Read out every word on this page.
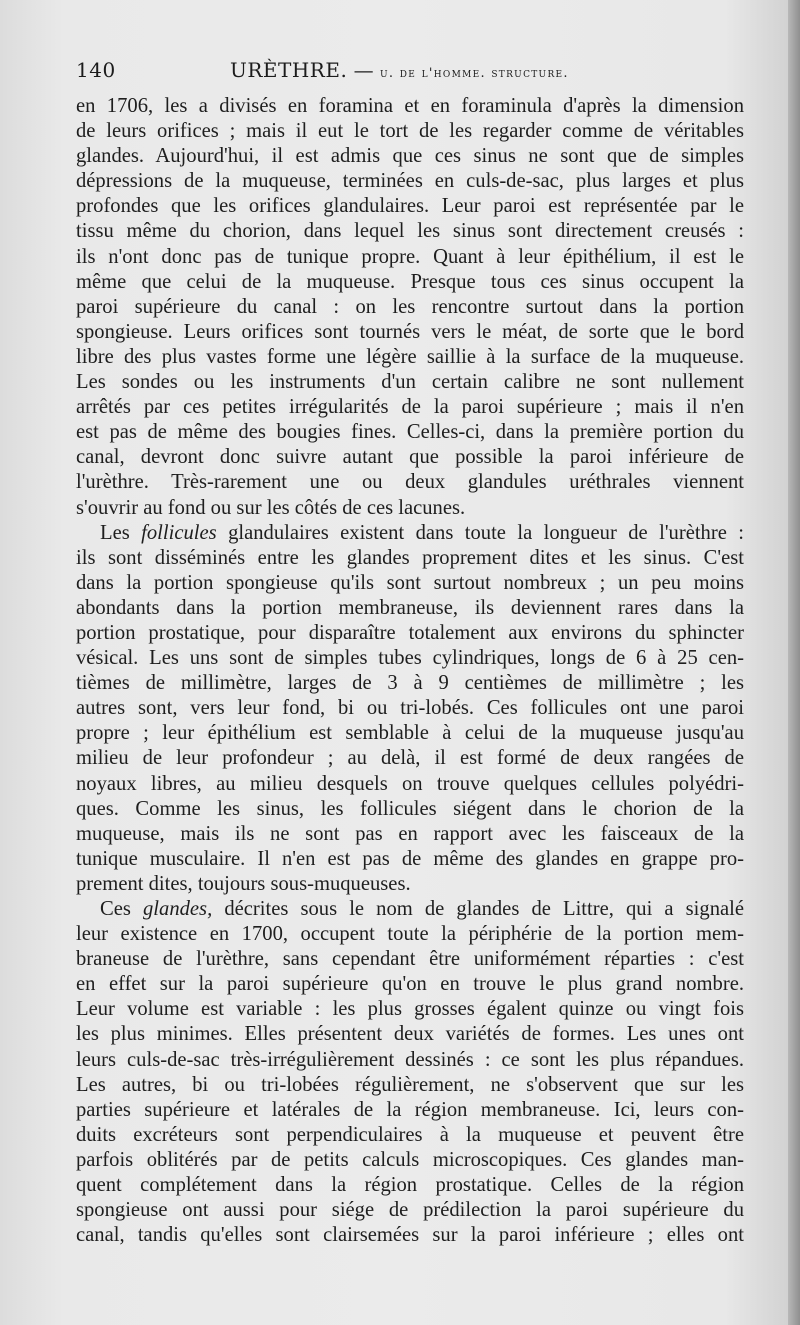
140	URÈTHRE. — u. de l'homme. structure.

en 1706, les a divisés en foramina et en foraminula d'après la dimension
de leurs orifices ; mais il eut le tort de les regarder comme de véritables
glandes. Aujourd'hui, il est admis que ces sinus ne sont que de simples
dépressions de la muqueuse, terminées en culs-de-sac, plus larges et plus
profondes que les orifices glandulaires. Leur paroi est représentée par le
tissu même du chorion, dans lequel les sinus sont directement creusés :
ils n'ont donc pas de tunique propre. Quant à leur épithélium, il est le
même que celui de la muqueuse. Presque tous ces sinus occupent la
paroi supérieure du canal : on les rencontre surtout dans la portion
spongieuse. Leurs orifices sont tournés vers le méat, de sorte que le bord
libre des plus vastes forme une légère saillie à la surface de la muqueuse.
Les sondes ou les instruments d'un certain calibre ne sont nullement
arrêtés par ces petites irrégularités de la paroi supérieure ; mais il n'en
est pas de même des bougies fines. Celles-ci, dans la première portion du
canal, devront donc suivre autant que possible la paroi inférieure de
l'urèthre. Très-rarement une ou deux glandules uréthrales viennent
s'ouvrir au fond ou sur les côtés de ces lacunes.

Les follicules glandulaires existent dans toute la longueur de l'urèthre :
ils sont disséminés entre les glandes proprement dites et les sinus. C'est
dans la portion spongieuse qu'ils sont surtout nombreux ; un peu moins
abondants dans la portion membraneuse, ils deviennent rares dans la
portion prostatique, pour disparaître totalement aux environs du sphincter
vésical. Les uns sont de simples tubes cylindriques, longs de 6 à 25 cen-
tièmes de millimètre, larges de 3 à 9 centièmes de millimètre ; les
autres sont, vers leur fond, bi ou tri-lobés. Ces follicules ont une paroi
propre ; leur épithélium est semblable à celui de la muqueuse jusqu'au
milieu de leur profondeur ; au delà, il est formé de deux rangées de
noyaux libres, au milieu desquels on trouve quelques cellules polyédri-
ques. Comme les sinus, les follicules siégent dans le chorion de la
muqueuse, mais ils ne sont pas en rapport avec les faisceaux de la
tunique musculaire. Il n'en est pas de même des glandes en grappe pro-
prement dites, toujours sous-muqueuses.

Ces glandes, décrites sous le nom de glandes de Littre, qui a signalé
leur existence en 1700, occupent toute la périphérie de la portion mem-
braneuse de l'urèthre, sans cependant être uniformément réparties : c'est
en effet sur la paroi supérieure qu'on en trouve le plus grand nombre.
Leur volume est variable : les plus grosses égalent quinze ou vingt fois
les plus minimes. Elles présentent deux variétés de formes. Les unes ont
leurs culs-de-sac très-irrégulièrement dessinés : ce sont les plus répandues.
Les autres, bi ou tri-lobées régulièrement, ne s'observent que sur les
parties supérieure et latérales de la région membraneuse. Ici, leurs con-
duits excréteurs sont perpendiculaires à la muqueuse et peuvent être
parfois oblitérés par de petits calculs microscopiques. Ces glandes man-
quent complétement dans la région prostatique. Celles de la région
spongieuse ont aussi pour siége de prédilection la paroi supérieure du
canal, tandis qu'elles sont clairsemées sur la paroi inférieure ; elles ont
